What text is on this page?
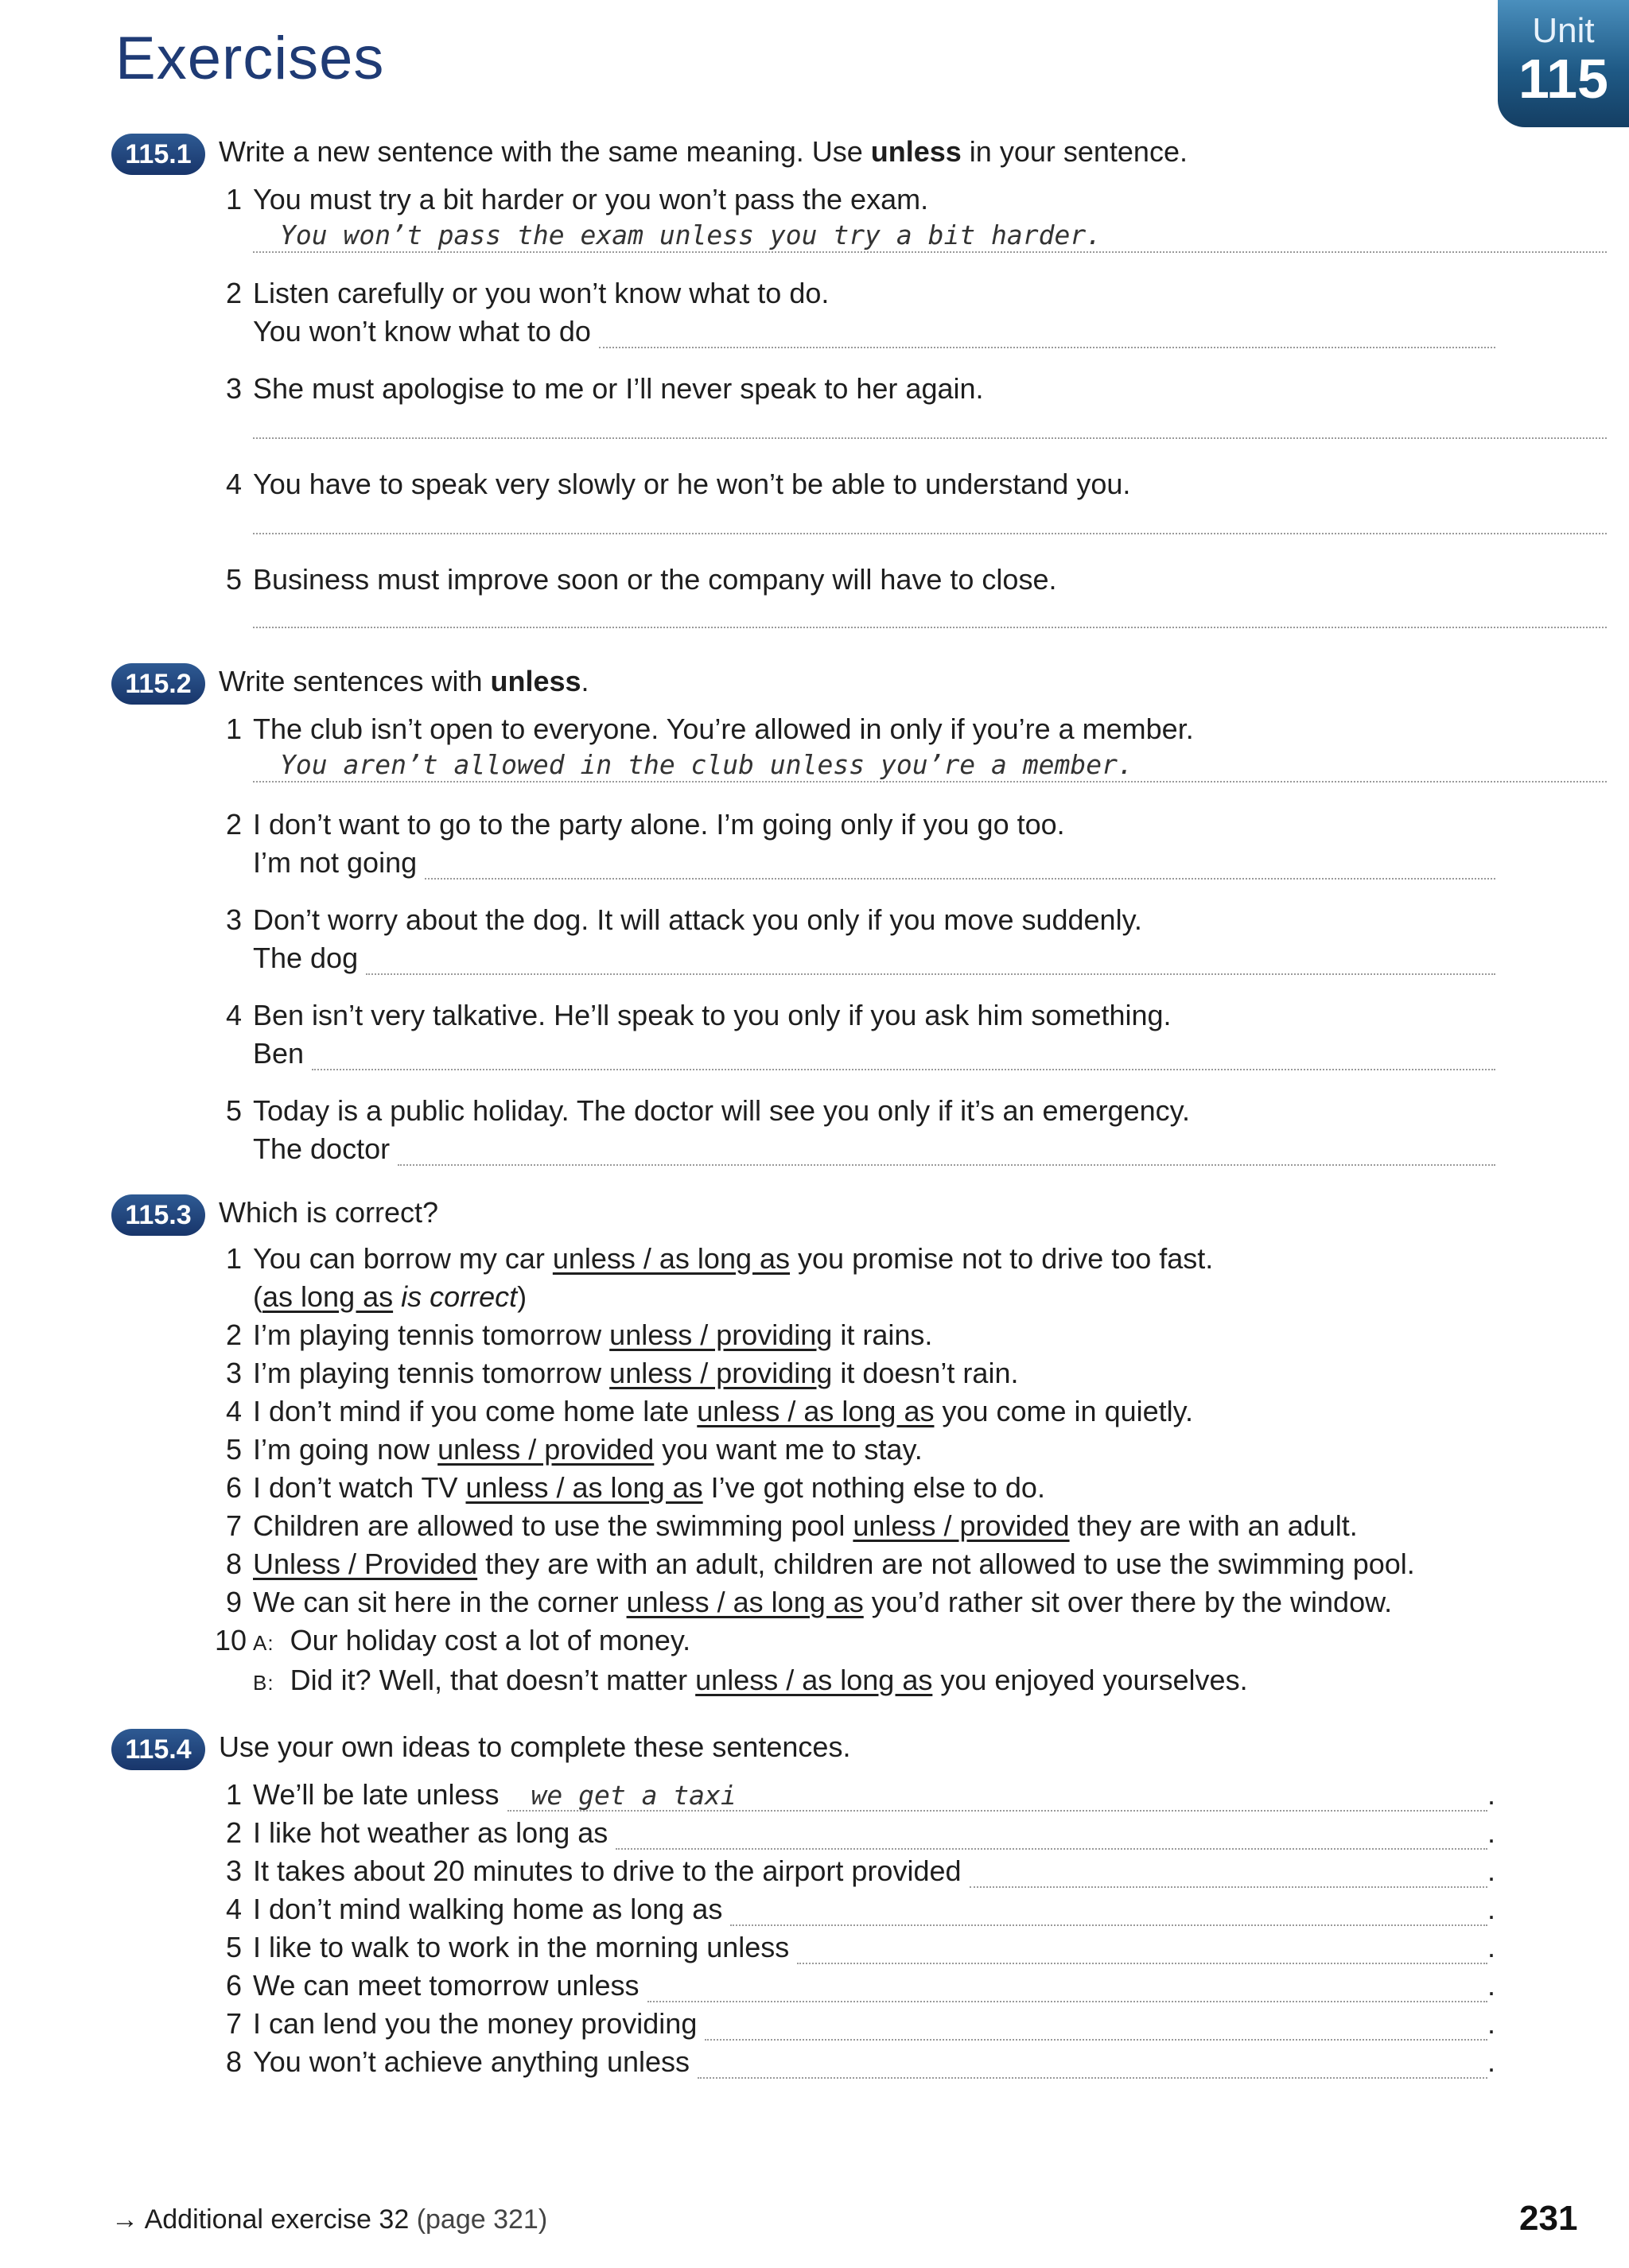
Exercises	Unit
115
115.1 Write a new sentence with the same meaning. Use unless in your sentence.
1 You must try a bit harder or you won’t pass the exam.
You won’t pass the exam unless you try a bit harder.
2 Listen carefully or you won’t know what to do.
You won’t know what to do
3 She must apologise to me or I’ll never speak to her again.
4 You have to speak very slowly or he won’t be able to understand you.
5 Business must improve soon or the company will have to close.
115.2 Write sentences with unless.
1 The club isn’t open to everyone. You’re allowed in only if you’re a member.
You aren’t allowed in the club unless you’re a member.
2 I don’t want to go to the party alone. I’m going only if you go too.
I’m not going
3 Don’t worry about the dog. It will attack you only if you move suddenly.
The dog
4 Ben isn’t very talkative. He’ll speak to you only if you ask him something.
Ben
5 Today is a public holiday. The doctor will see you only if it’s an emergency.
The doctor
115.3 Which is correct?
1 You can borrow my car unless / as long as you promise not to drive too fast.
(as long as is correct)
2 I’m playing tennis tomorrow unless / providing it rains.
3 I’m playing tennis tomorrow unless / providing it doesn’t rain.
4 I don’t mind if you come home late unless / as long as you come in quietly.
5 I’m going now unless / provided you want me to stay.
6 I don’t watch TV unless / as long as I’ve got nothing else to do.
7 Children are allowed to use the swimming pool unless / provided they are with an adult.
8 Unless / Provided they are with an adult, children are not allowed to use the swimming pool.
9 We can sit here in the corner unless / as long as you’d rather sit over there by the window.
10 A: Our holiday cost a lot of money.
B: Did it? Well, that doesn’t matter unless / as long as you enjoyed yourselves.
115.4 Use your own ideas to complete these sentences.
1 We’ll be late unless we get a taxi	.
2 I like hot weather as long as	.
3 It takes about 20 minutes to drive to the airport provided	.
4 I don’t mind walking home as long as	.
5 I like to walk to work in the morning unless	.
6 We can meet tomorrow unless	.
7 I can lend you the money providing	.
8 You won’t achieve anything unless	.
→ Additional exercise 32 (page 321)	231
